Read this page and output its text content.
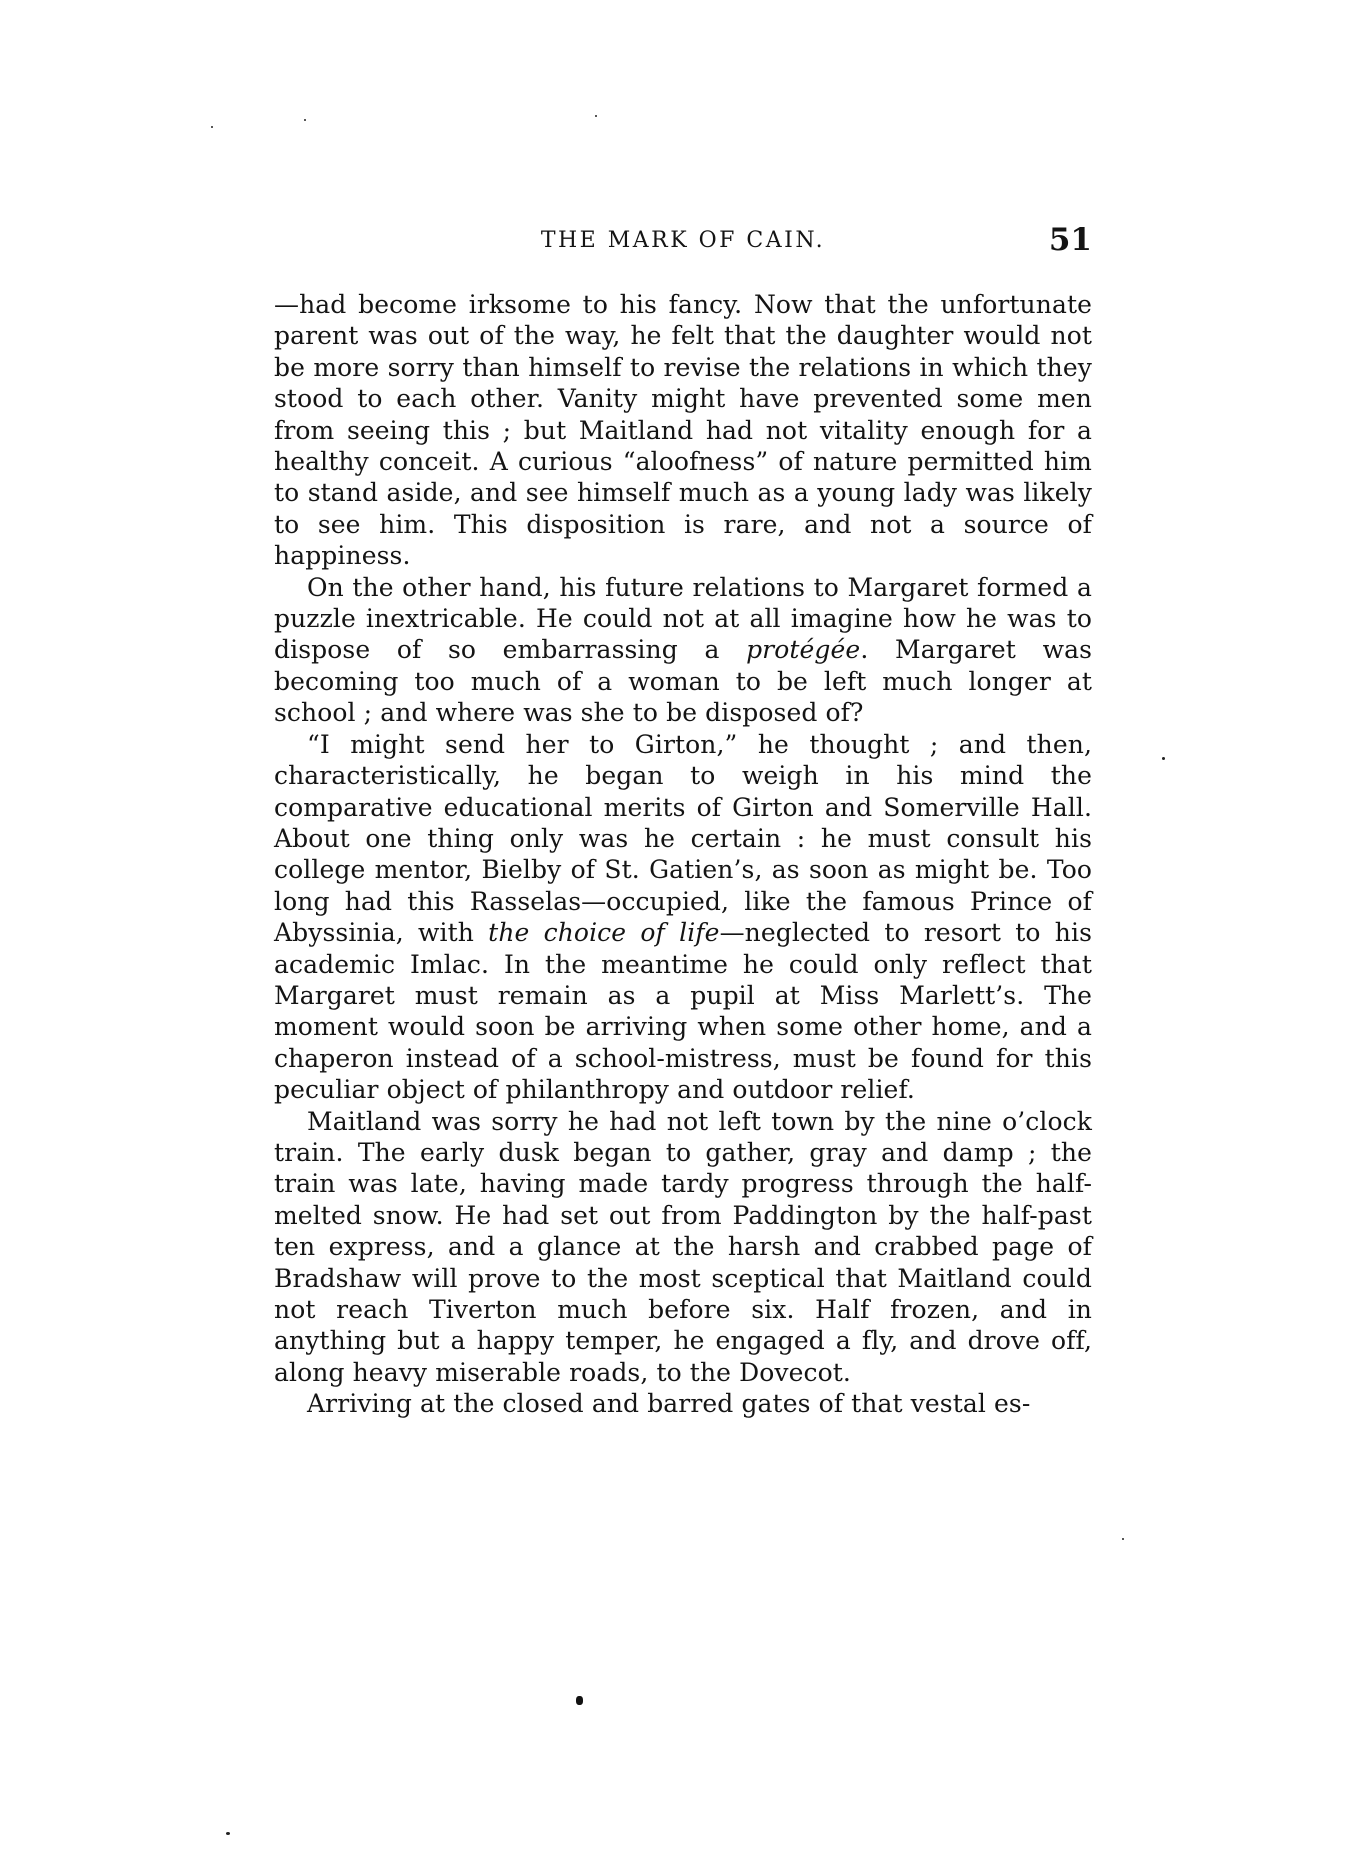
THE MARK OF CAIN.	51

—had become irksome to his fancy. Now that the unfortunate parent was out of the way, he felt that the daughter would not be more sorry than himself to revise the relations in which they stood to each other. Vanity might have prevented some men from seeing this ; but Maitland had not vitality enough for a healthy conceit. A curious “aloofness” of nature permitted him to stand aside, and see himself much as a young lady was likely to see him. This disposition is rare, and not a source of happiness.

On the other hand, his future relations to Margaret formed a puzzle inextricable. He could not at all imagine how he was to dispose of so embarrassing a protégée. Margaret was becoming too much of a woman to be left much longer at school ; and where was she to be disposed of?

“I might send her to Girton,” he thought ; and then, characteristically, he began to weigh in his mind the comparative educational merits of Girton and Somerville Hall. About one thing only was he certain : he must consult his college mentor, Bielby of St. Gatien’s, as soon as might be. Too long had this Rasselas—occupied, like the famous Prince of Abyssinia, with the choice of life—neglected to resort to his academic Imlac. In the meantime he could only reflect that Margaret must remain as a pupil at Miss Marlett’s. The moment would soon be arriving when some other home, and a chaperon instead of a school-mistress, must be found for this peculiar object of philanthropy and outdoor relief.

Maitland was sorry he had not left town by the nine o’clock train. The early dusk began to gather, gray and damp ; the train was late, having made tardy progress through the half-melted snow. He had set out from Paddington by the half-past ten express, and a glance at the harsh and crabbed page of Bradshaw will prove to the most sceptical that Maitland could not reach Tiverton much before six. Half frozen, and in anything but a happy temper, he engaged a fly, and drove off, along heavy miserable roads, to the Dovecot.

Arriving at the closed and barred gates of that vestal es-
